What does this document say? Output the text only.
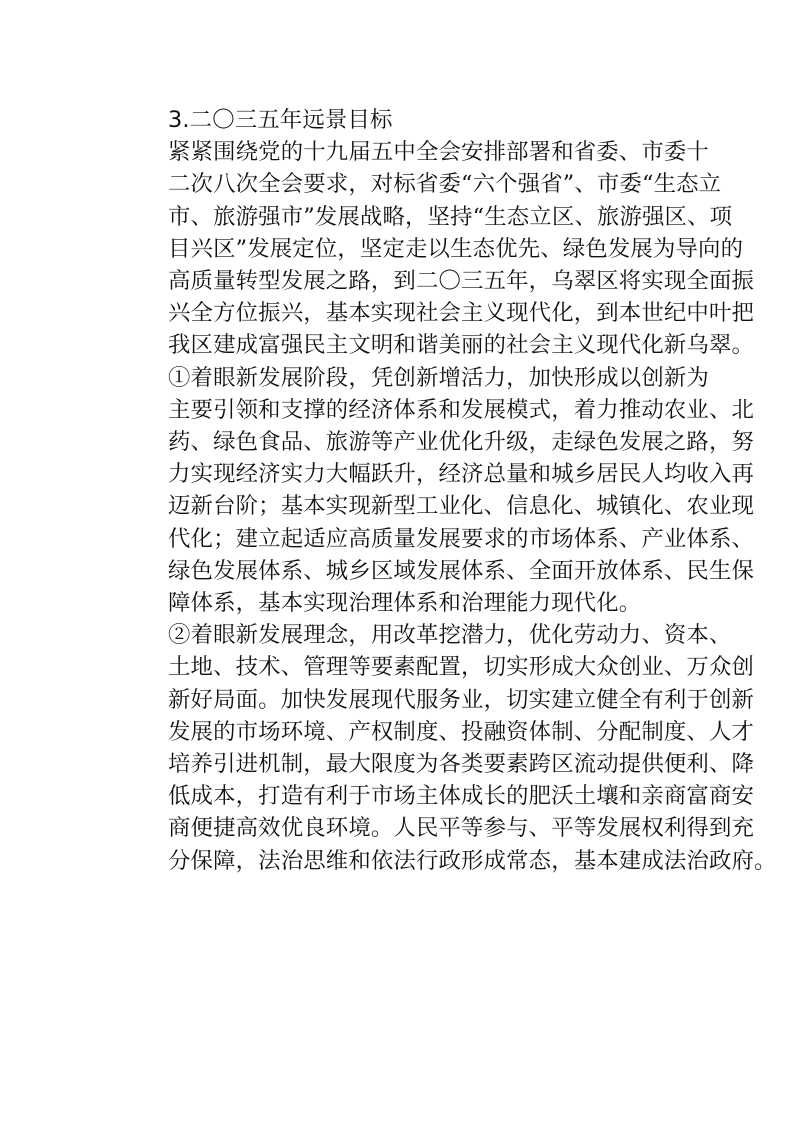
3.二〇三五年远景目标

紧紧围绕党的十九届五中全会安排部署和省委、市委十
二次八次全会要求，对标省委“六个强省”、市委“生态立
市、旅游强市”发展战略，坚持“生态立区、旅游强区、项
目兴区”发展定位，坚定走以生态优先、绿色发展为导向的
高质量转型发展之路，到二〇三五年，乌翠区将实现全面振
兴全方位振兴，基本实现社会主义现代化，到本世纪中叶把
我区建成富强民主文明和谐美丽的社会主义现代化新乌翠。

①着眼新发展阶段，凭创新增活力，加快形成以创新为
主要引领和支撑的经济体系和发展模式，着力推动农业、北
药、绿色食品、旅游等产业优化升级，走绿色发展之路，努
力实现经济实力大幅跃升，经济总量和城乡居民人均收入再
迈新台阶；基本实现新型工业化、信息化、城镇化、农业现
代化；建立起适应高质量发展要求的市场体系、产业体系、
绿色发展体系、城乡区域发展体系、全面开放体系、民生保
障体系，基本实现治理体系和治理能力现代化。

②着眼新发展理念，用改革挖潜力，优化劳动力、资本、
土地、技术、管理等要素配置，切实形成大众创业、万众创
新好局面。加快发展现代服务业，切实建立健全有利于创新
发展的市场环境、产权制度、投融资体制、分配制度、人才
培养引进机制，最大限度为各类要素跨区流动提供便利、降
低成本，打造有利于市场主体成长的肥沃土壤和亲商富商安
商便捷高效优良环境。人民平等参与、平等发展权利得到充
分保障，法治思维和依法行政形成常态，基本建成法治政府。
